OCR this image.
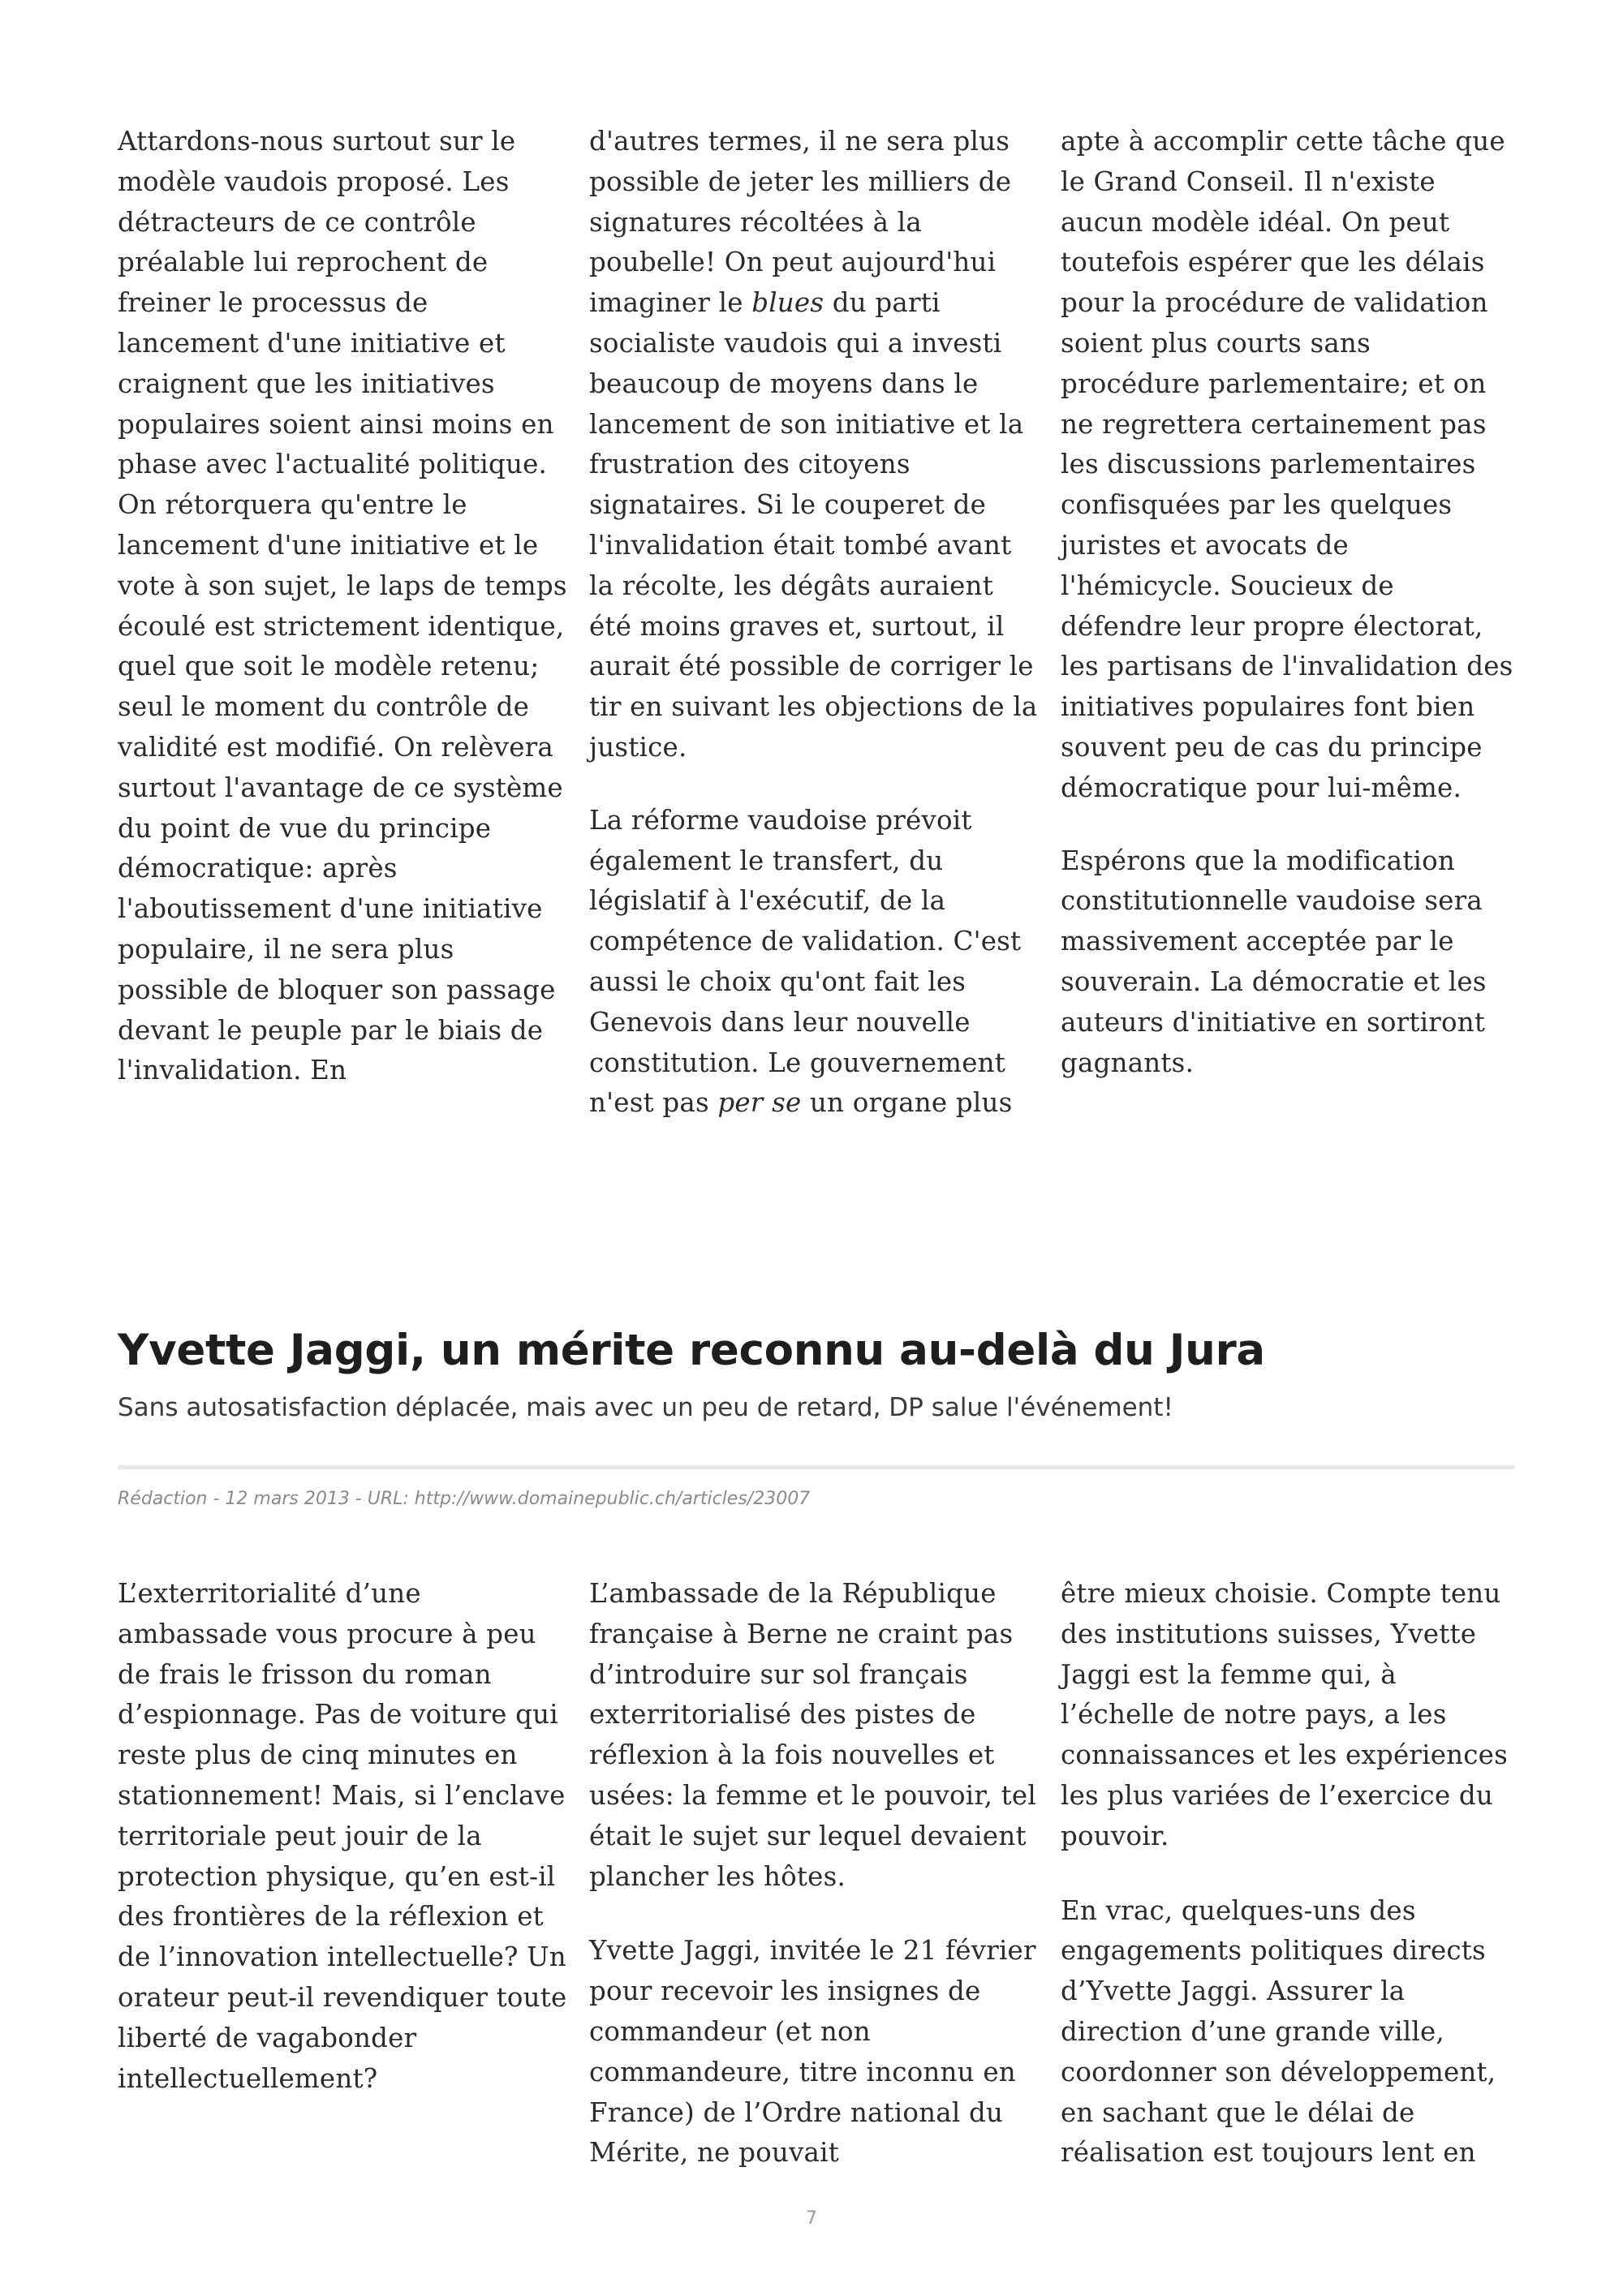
Attardons-nous surtout sur le modèle vaudois proposé. Les détracteurs de ce contrôle préalable lui reprochent de freiner le processus de lancement d'une initiative et craignent que les initiatives populaires soient ainsi moins en phase avec l'actualité politique. On rétorquera qu'entre le lancement d'une initiative et le vote à son sujet, le laps de temps écoulé est strictement identique, quel que soit le modèle retenu; seul le moment du contrôle de validité est modifié. On relèvera surtout l'avantage de ce système du point de vue du principe démocratique: après l'aboutissement d'une initiative populaire, il ne sera plus possible de bloquer son passage devant le peuple par le biais de l'invalidation. En

d'autres termes, il ne sera plus possible de jeter les milliers de signatures récoltées à la poubelle! On peut aujourd'hui imaginer le blues du parti socialiste vaudois qui a investi beaucoup de moyens dans le lancement de son initiative et la frustration des citoyens signataires. Si le couperet de l'invalidation était tombé avant la récolte, les dégâts auraient été moins graves et, surtout, il aurait été possible de corriger le tir en suivant les objections de la justice.

La réforme vaudoise prévoit également le transfert, du législatif à l'exécutif, de la compétence de validation. C'est aussi le choix qu'ont fait les Genevois dans leur nouvelle constitution. Le gouvernement n'est pas per se un organe plus

apte à accomplir cette tâche que le Grand Conseil. Il n'existe aucun modèle idéal. On peut toutefois espérer que les délais pour la procédure de validation soient plus courts sans procédure parlementaire; et on ne regrettera certainement pas les discussions parlementaires confisquées par les quelques juristes et avocats de l'hémicycle. Soucieux de défendre leur propre électorat, les partisans de l'invalidation des initiatives populaires font bien souvent peu de cas du principe démocratique pour lui-même.

Espérons que la modification constitutionnelle vaudoise sera massivement acceptée par le souverain. La démocratie et les auteurs d'initiative en sortiront gagnants.

Yvette Jaggi, un mérite reconnu au-delà du Jura

Sans autosatisfaction déplacée, mais avec un peu de retard, DP salue l'événement!

Rédaction - 12 mars 2013 - URL: http://www.domainepublic.ch/articles/23007

L’exterritorialité d’une ambassade vous procure à peu de frais le frisson du roman d’espionnage. Pas de voiture qui reste plus de cinq minutes en stationnement! Mais, si l’enclave territoriale peut jouir de la protection physique, qu’en est-il des frontières de la réflexion et de l’innovation intellectuelle? Un orateur peut-il revendiquer toute liberté de vagabonder intellectuellement?

L’ambassade de la République française à Berne ne craint pas d’introduire sur sol français exterritorialisé des pistes de réflexion à la fois nouvelles et usées: la femme et le pouvoir, tel était le sujet sur lequel devaient plancher les hôtes.

Yvette Jaggi, invitée le 21 février pour recevoir les insignes de commandeur (et non commandeure, titre inconnu en France) de l’Ordre national du Mérite, ne pouvait

être mieux choisie. Compte tenu des institutions suisses, Yvette Jaggi est la femme qui, à l’échelle de notre pays, a les connaissances et les expériences les plus variées de l’exercice du pouvoir.

En vrac, quelques-uns des engagements politiques directs d’Yvette Jaggi. Assurer la direction d’une grande ville, coordonner son développement, en sachant que le délai de réalisation est toujours lent en

7
